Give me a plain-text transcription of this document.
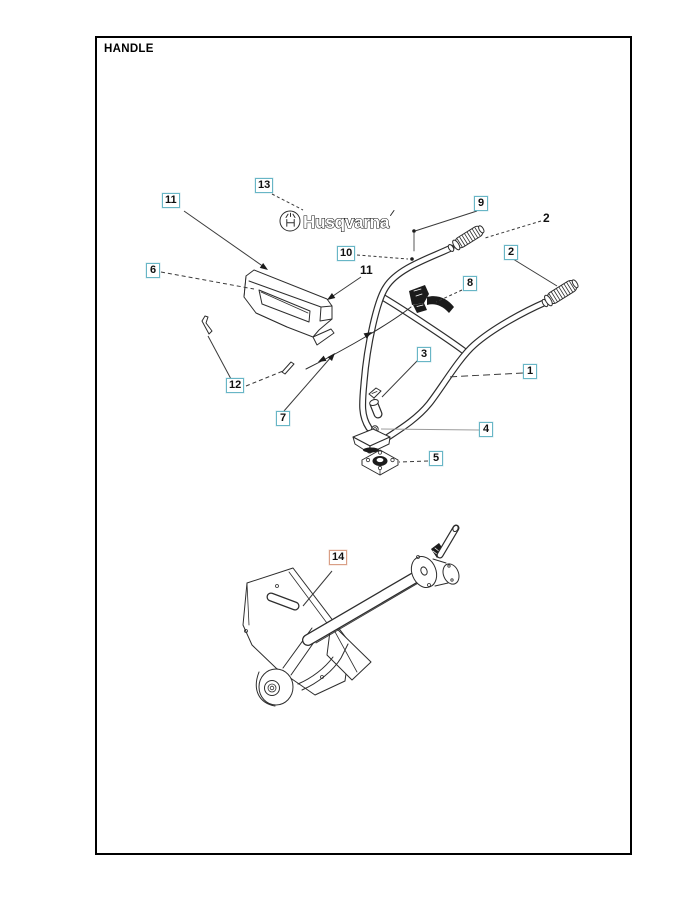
HANDLE
Husqvarna
1
2
2
3
4
5
6
7
8
9
10
11
11
12
13
14
